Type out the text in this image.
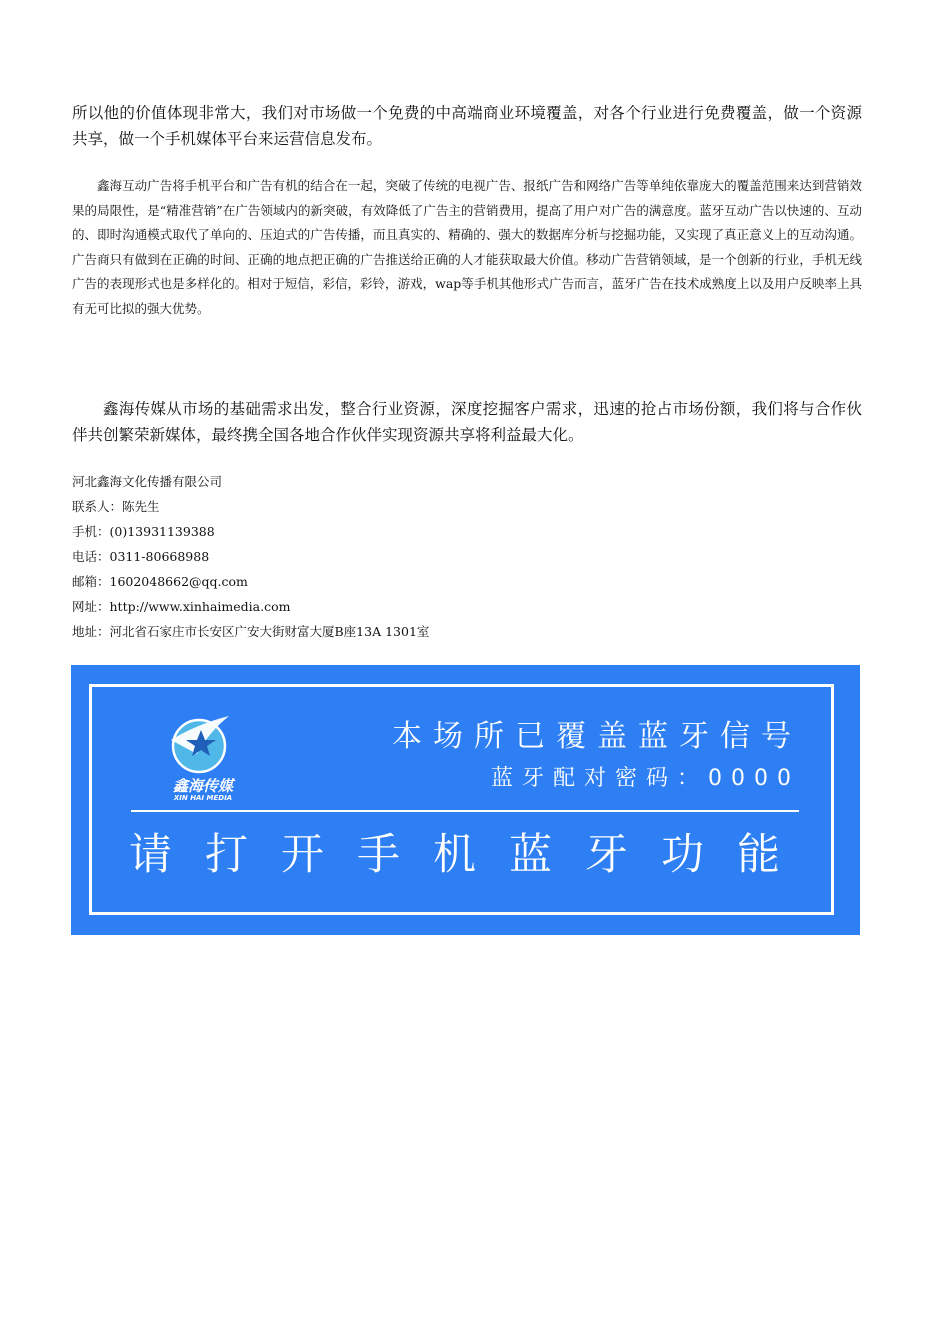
所以他的价值体现非常大，我们对市场做一个免费的中高端商业环境覆盖，对各个行业进行免费覆盖，做一个资源共享，做一个手机媒体平台来运营信息发布。

鑫海互动广告将手机平台和广告有机的结合在一起，突破了传统的电视广告、报纸广告和网络广告等单纯依靠庞大的覆盖范围来达到营销效果的局限性，是“精准营销”在广告领域内的新突破，有效降低了广告主的营销费用，提高了用户对广告的满意度。蓝牙互动广告以快速的、互动的、即时沟通模式取代了单向的、压迫式的广告传播，而且真实的、精确的、强大的数据库分析与挖掘功能，又实现了真正意义上的互动沟通。广告商只有做到在正确的时间、正确的地点把正确的广告推送给正确的人才能获取最大价值。移动广告营销领域，是一个创新的行业，手机无线广告的表现形式也是多样化的。相对于短信，彩信，彩铃，游戏，wap等手机其他形式广告而言，蓝牙广告在技术成熟度上以及用户反映率上具有无可比拟的强大优势。

鑫海传媒从市场的基础需求出发，整合行业资源，深度挖掘客户需求，迅速的抢占市场份额，我们将与合作伙伴共创繁荣新媒体，最终携全国各地合作伙伴实现资源共享将利益最大化。

河北鑫海文化传播有限公司
联系人：陈先生
手机：(0)13931139388
电话：0311-80668988
邮箱：1602048662@qq.com
网址：http://www.xinhaimedia.com
地址：河北省石家庄市长安区广安大街财富大厦B座13A 1301室
鑫海传媒
XIN HAI MEDIA
本场所已覆盖蓝牙信号
蓝牙配对密码：0000
请打开手机蓝牙功能
